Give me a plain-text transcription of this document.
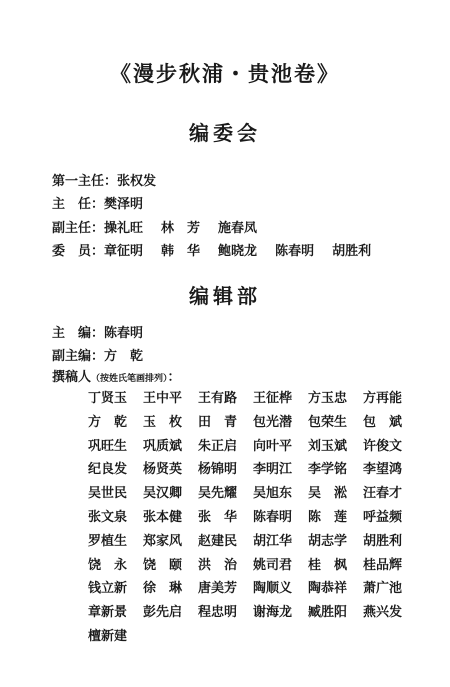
《漫步秋浦・贵池卷》
编委会
第一主任：张权发
主　任：樊泽明
副主任：操礼旺 林　芳 施春凤
委　员：章征明 韩　华 鲍晓龙 陈春明 胡胜利
编辑部
主　编：陈春明
副主编：方　乾
撰稿人（按姓氏笔画排列）：
丁贤玉	王中平	王有路	王征桦	方玉忠	方再能
方　乾	玉　枚	田　青	包光潜	包荣生	包　斌
巩旺生	巩质斌	朱正启	向叶平	刘玉斌	许俊文
纪良发	杨贤英	杨锦明	李明江	李学铭	李望鸿
吴世民	吴汉卿	吴先耀	吴旭东	吴　淞	汪春才
张文泉	张本健	张　华	陈春明	陈　莲	呼益频
罗植生	郑家风	赵建民	胡江华	胡志学	胡胜利
饶　永	饶　颐	洪　治	姚司君	桂　枫	桂品辉
钱立新	徐　琳	唐美芳	陶顺义	陶恭祥	萧广池
章新景	彭先启	程忠明	谢海龙	臧胜阳	燕兴发
檀新建
